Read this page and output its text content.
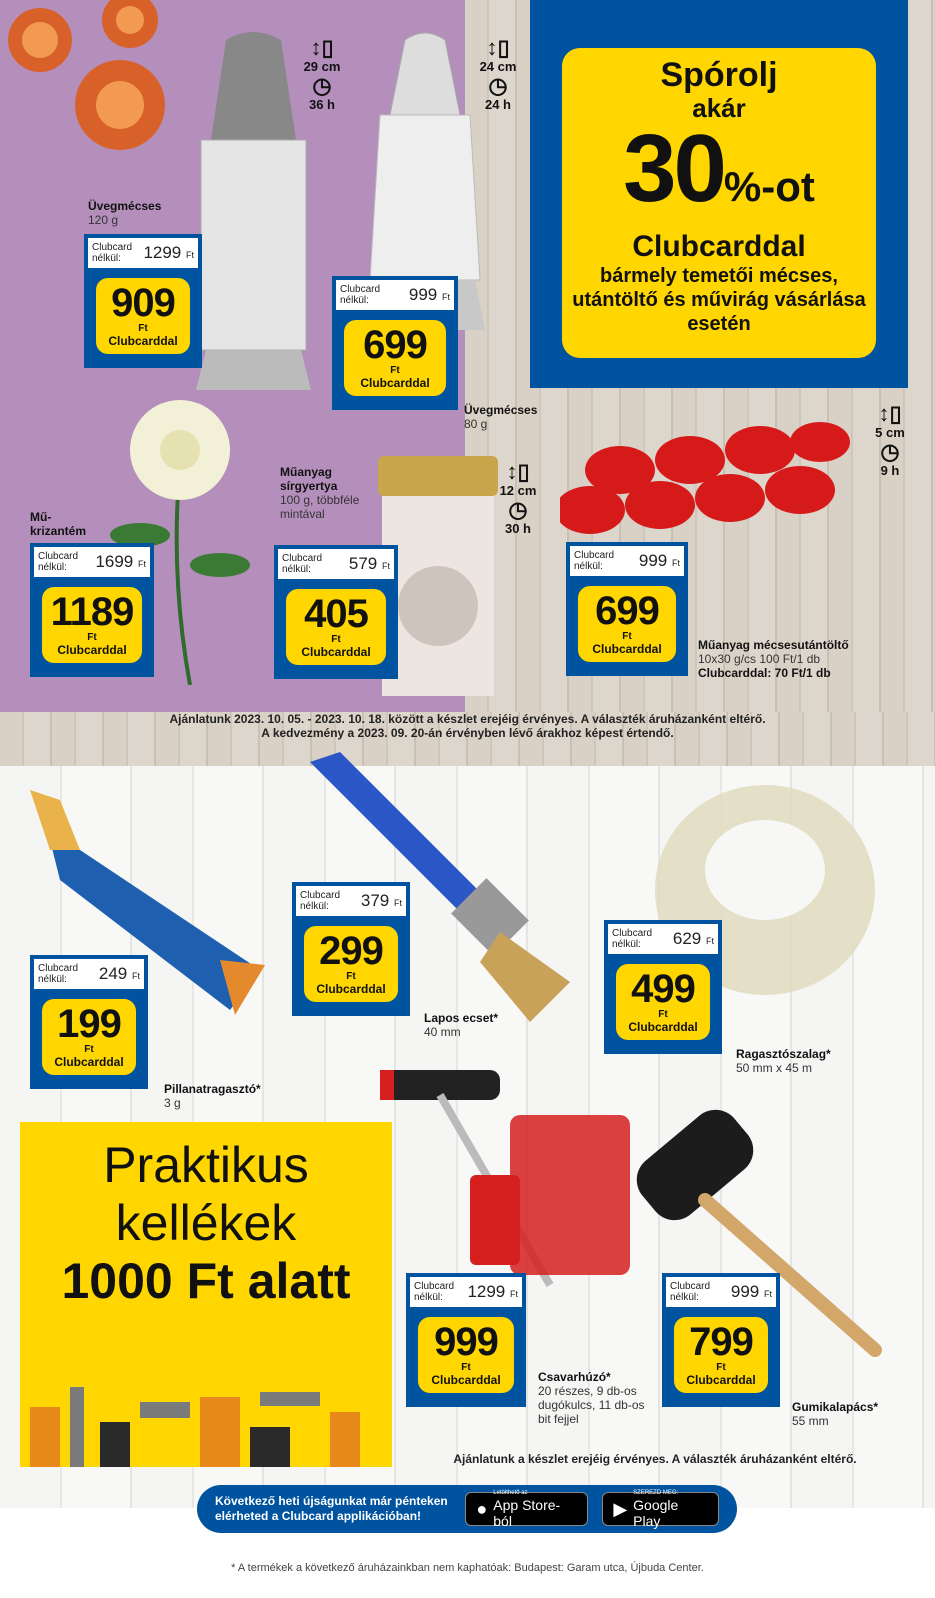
↕▯
29 cm
◷
36 h
↕▯
24 cm
◷
24 h
↕▯
12 cm
◷
30 h
↕▯
5 cm
◷
9 h
Spórolj
akár
30%-ot
Clubcarddal
bármely temetői mécses, utántöltő és művirág vásárlása esetén
Üvegmécses
120 g
Clubcard
nélkül:	1299 Ft
909
Ft
Clubcarddal
Clubcard
nélkül:	999 Ft
699
Ft
Clubcarddal
Üvegmécses
80 g
Mű-krizantém
Clubcard
nélkül:	1699 Ft
1189
Ft
Clubcarddal
Műanyag sírgyertya
100 g, többféle mintával
Clubcard
nélkül:	579 Ft
405
Ft
Clubcarddal
Clubcard
nélkül:	999 Ft
699
Ft
Clubcarddal	Műanyag mécsesutántöltő
10x30 g/cs 100 Ft/1 db
Clubcarddal: 70 Ft/1 db
Ajánlatunk 2023. 10. 05. - 2023. 10. 18. között a készlet erejéig érvényes. A választék áruházanként eltérő.
A kedvezmény a 2023. 09. 20-án érvényben lévő árakhoz képest értendő.
Clubcard
nélkül:	249 Ft
199
Ft
Clubcarddal
Pillanatragasztó*
3 g
Clubcard
nélkül:	379 Ft
299
Ft
Clubcarddal
Lapos ecset*
40 mm
Clubcard
nélkül:	629 Ft
499
Ft
Clubcarddal
Ragasztószalag*
50 mm x 45 m
Clubcard
nélkül:	1299 Ft
999
Ft
Clubcarddal	Csavarhúzó*
20 részes, 9 db-os dugókulcs, 11 db-os bit fejjel
Clubcard
nélkül:	999 Ft
799
Ft
Clubcarddal
Gumikalapács*
55 mm
Praktikus
kellékek
1000 Ft alatt
Ajánlatunk a készlet erejéig érvényes. A választék áruházanként eltérő.
Következő heti újságunkat már pénteken elérheted a Clubcard applikációban!	●
Letölthető az
App Store-ból
▶
SZEREZD MEG:
Google Play
* A termékek a következő áruházainkban nem kaphatóak: Budapest: Garam utca, Újbuda Center.
